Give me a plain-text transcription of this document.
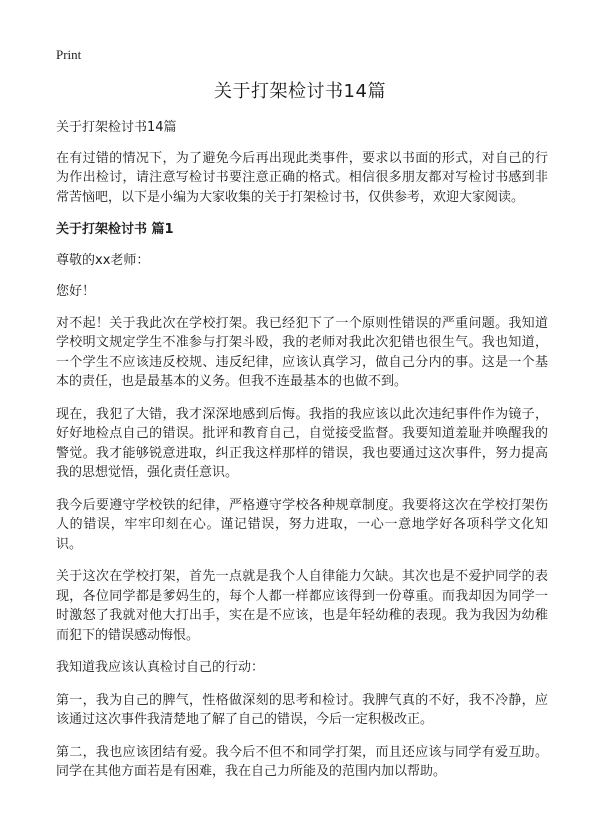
Print
关于打架检讨书14篇

关于打架检讨书14篇

在有过错的情况下，为了避免今后再出现此类事件，要求以书面的形式，对自己的行为作出检讨，请注意写检讨书要注意正确的格式。相信很多朋友都对写检讨书感到非常苦恼吧，以下是小编为大家收集的关于打架检讨书，仅供参考，欢迎大家阅读。

关于打架检讨书 篇1

尊敬的xx老师：

您好！

对不起！关于我此次在学校打架。我已经犯下了一个原则性错误的严重问题。我知道学校明文规定学生不准参与打架斗殴，我的老师对我此次犯错也很生气。我也知道，一个学生不应该违反校规、违反纪律，应该认真学习，做自己分内的事。这是一个基本的责任，也是最基本的义务。但我不连最基本的也做不到。

现在，我犯了大错，我才深深地感到后悔。我指的我应该以此次违纪事件作为镜子，好好地检点自己的错误。批评和教育自己，自觉接受监督。我要知道羞耻并唤醒我的警觉。我才能够锐意进取，纠正我这样那样的错误，我也要通过这次事件，努力提高我的思想觉悟，强化责任意识。

我今后要遵守学校铁的纪律，严格遵守学校各种规章制度。我要将这次在学校打架伤人的错误，牢牢印刻在心。谨记错误，努力进取，一心一意地学好各项科学文化知识。

关于这次在学校打架，首先一点就是我个人自律能力欠缺。其次也是不爱护同学的表现，各位同学都是爹妈生的，每个人都一样都应该得到一份尊重。而我却因为同学一时激怒了我就对他大打出手，实在是不应该，也是年轻幼稚的表现。我为我因为幼稚而犯下的错误感动悔恨。

我知道我应该认真检讨自己的行动：

第一，我为自己的脾气，性格做深刻的思考和检讨。我脾气真的不好，我不冷静，应该通过这次事件我清楚地了解了自己的错误，今后一定积极改正。

第二，我也应该团结有爱。我今后不但不和同学打架，而且还应该与同学有爱互助。同学在其他方面若是有困难，我在自己力所能及的范围内加以帮助。
